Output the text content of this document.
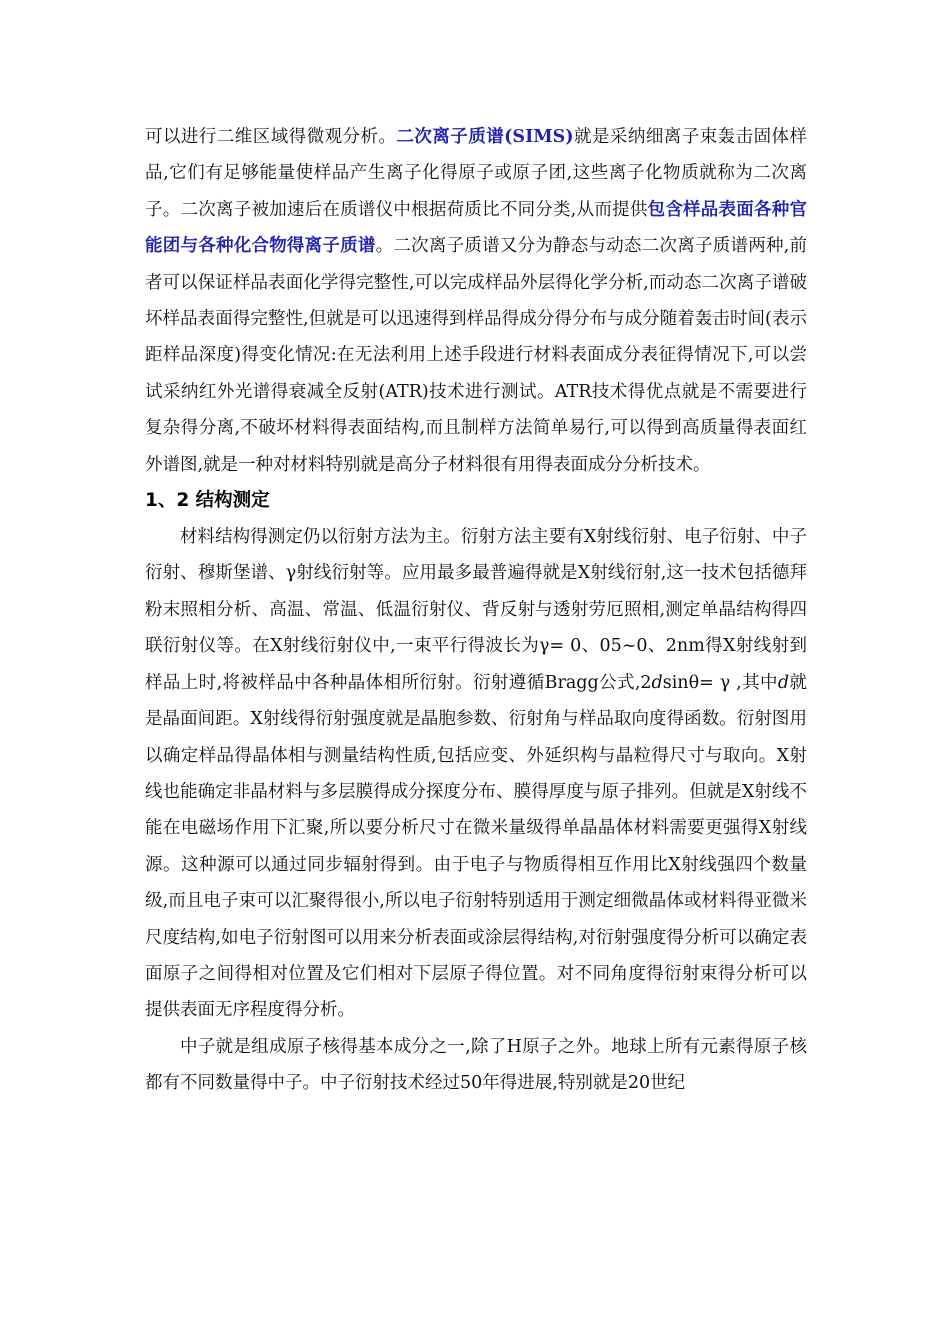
可以进行二维区域得微观分析。二次离子质谱(SIMS)就是采纳细离子束轰击固体样品,它们有足够能量使样品产生离子化得原子或原子团,这些离子化物质就称为二次离子。二次离子被加速后在质谱仪中根据荷质比不同分类,从而提供包含样品表面各种官能团与各种化合物得离子质谱。二次离子质谱又分为静态与动态二次离子质谱两种,前者可以保证样品表面化学得完整性,可以完成样品外层得化学分析,而动态二次离子谱破坏样品表面得完整性,但就是可以迅速得到样品得成分得分布与成分随着轰击时间(表示距样品深度)得变化情况:在无法利用上述手段进行材料表面成分表征得情况下,可以尝试采纳红外光谱得衰减全反射(ATR)技术进行测试。ATR技术得优点就是不需要进行复杂得分离,不破坏材料得表面结构,而且制样方法简单易行,可以得到高质量得表面红外谱图,就是一种对材料特别就是高分子材料很有用得表面成分分析技术。

1、2 结构测定

材料结构得测定仍以衍射方法为主。衍射方法主要有X射线衍射、电子衍射、中子衍射、穆斯堡谱、γ射线衍射等。应用最多最普遍得就是X射线衍射,这一技术包括德拜粉末照相分析、高温、常温、低温衍射仪、背反射与透射劳厄照相,测定单晶结构得四联衍射仪等。在X射线衍射仪中,一束平行得波长为γ= 0、05~0、2nm得X射线射到样品上时,将被样品中各种晶体相所衍射。衍射遵循Bragg公式,2dsinθ= γ ,其中d就是晶面间距。X射线得衍射强度就是晶胞参数、衍射角与样品取向度得函数。衍射图用以确定样品得晶体相与测量结构性质,包括应变、外延织构与晶粒得尺寸与取向。X射线也能确定非晶材料与多层膜得成分探度分布、膜得厚度与原子排列。但就是X射线不能在电磁场作用下汇聚,所以要分析尺寸在微米量级得单晶晶体材料需要更强得X射线源。这种源可以通过同步辐射得到。由于电子与物质得相互作用比X射线强四个数量级,而且电子束可以汇聚得很小,所以电子衍射特别适用于测定细微晶体或材料得亚微米尺度结构,如电子衍射图可以用来分析表面或涂层得结构,对衍射强度得分析可以确定表面原子之间得相对位置及它们相对下层原子得位置。对不同角度得衍射束得分析可以提供表面无序程度得分析。

中子就是组成原子核得基本成分之一,除了H原子之外。地球上所有元素得原子核都有不同数量得中子。中子衍射技术经过50年得进展,特别就是20世纪
